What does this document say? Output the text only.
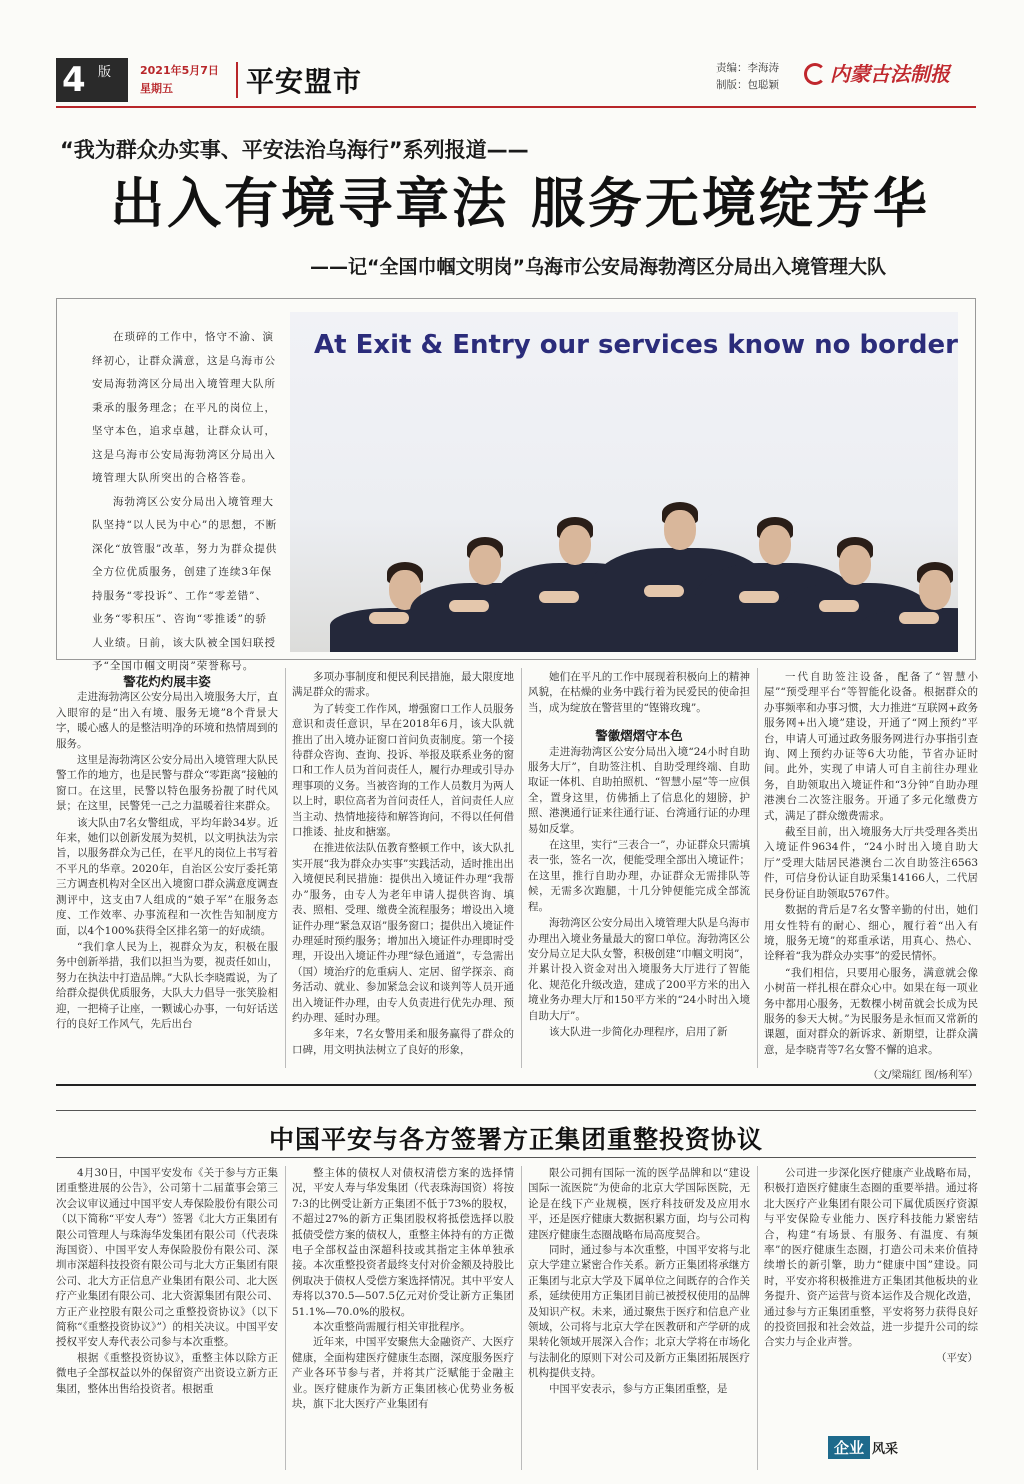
4 版	2021年5月7日
星期五	平安盟市	责编：李海涛
制版：包聪颖	内蒙古法制报
“我为群众办实事、平安法治乌海行”系列报道——
出入有境寻章法 服务无境绽芳华
——记“全国巾帼文明岗”乌海市公安局海勃湾区分局出入境管理大队

在琐碎的工作中，恪守不渝、演绎初心，让群众满意，这是乌海市公安局海勃湾区分局出入境管理大队所秉承的服务理念；在平凡的岗位上，坚守本色，追求卓越，让群众认可，这是乌海市公安局海勃湾区分局出入境管理大队所突出的合格答卷。

海勃湾区公安分局出入境管理大队坚持“以人民为中心”的思想，不断深化“放管服”改革，努力为群众提供全方位优质服务，创建了连续3年保持服务“零投诉”、工作“零差错”、业务“零积压”、咨询“零推诿”的骄人业绩。日前，该大队被全国妇联授予“全国巾帼文明岗”荣誉称号。

At Exit & Entry our services know no border

警花灼灼展丰姿

走进海勃湾区公安分局出入境服务大厅，直入眼帘的是“出入有境、服务无境”8个背景大字，暖心感人的是整洁明净的环境和热情周到的服务。

这里是海勃湾区公安分局出入境管理大队民警工作的地方，也是民警与群众“零距离”接触的窗口。在这里，民警以特色服务扮靓了时代风景；在这里，民警凭一己之力温暖着往来群众。

该大队由7名女警组成，平均年龄34岁。近年来，她们以创新发展为契机，以文明执法为宗旨，以服务群众为己任，在平凡的岗位上书写着不平凡的华章。2020年，自治区公安厅委托第三方调查机构对全区出入境窗口群众满意度调查测评中，这支由7人组成的“娘子军”在服务态度、工作效率、办事流程和一次性告知制度方面，以4个100%获得全区排名第一的好成绩。

“我们拿人民为上，视群众为友，积极在服务中创新举措，我们以担当为要，视责任如山，努力在执法中打造品牌。”大队长李晓霞说，为了给群众提供优质服务，大队大力倡导一张笑脸相迎，一把椅子让座，一颗诚心办事，一句好话送行的良好工作风气，先后出台

多项办事制度和便民利民措施，最大限度地满足群众的需求。

为了转变工作作风，增强窗口工作人员服务意识和责任意识，早在2018年6月，该大队就推出了出入境办证窗口首问负责制度。第一个接待群众咨询、查询、投诉、举报及联系业务的窗口和工作人员为首问责任人，履行办理或引导办理事项的义务。当被咨询的工作人员数月为两人以上时，职位高者为首问责任人，首问责任人应当主动、热情地接待和解答询问，不得以任何借口推诿、扯皮和搪塞。

在推进依法队伍教育整顿工作中，该大队扎实开展“我为群众办实事”实践活动，适时推出出入境便民利民措施：提供出入境证件办理“我帮办”服务，由专人为老年申请人提供咨询、填表、照相、受理、缴费全流程服务；增设出入境证件办理“紧急双语”服务窗口；提供出入境证件办理延时预约服务；增加出入境证件办理即时受理，开设出入境证件办理“绿色通道”，专急需出（国）境治疗的危重病人、定居、留学探亲、商务活动、就业、参加紧急会议和谈判等人员开通出入境证件办理，由专人负责进行优先办理、预约办理、延时办理。

多年来，7名女警用柔和服务赢得了群众的口碑，用文明执法树立了良好的形象，

她们在平凡的工作中展现着积极向上的精神风貌，在枯燥的业务中践行着为民爱民的使命担当，成为绽放在警营里的“铿锵玫瑰”。

警徽熠熠守本色

走进海勃湾区公安分局出入境“24小时自助服务大厅”，自助签注机、自助受理终端、自助取证一体机、自助拍照机、“智慧小屋”等一应俱全，置身这里，仿佛插上了信息化的翅膀，护照、港澳通行证来往通行证、台湾通行证的办理易如反掌。

在这里，实行“三表合一”，办证群众只需填表一张，签名一次，便能受理全部出入境证件；在这里，推行自助办理，办证群众无需排队等候，无需多次跑腿，十几分钟便能完成全部流程。

海勃湾区公安分局出入境管理大队是乌海市办理出入境业务量最大的窗口单位。海勃湾区公安分局立足大队女警，积极创建“巾帼文明岗”，并累计投入资金对出入境服务大厅进行了智能化、规范化升级改造，建成了200平方米的出入境业务办理大厅和150平方米的“24小时出入境自助大厅”。

该大队进一步简化办理程序，启用了新

一代自助签注设备，配备了“智慧小屋”“预受理平台”等智能化设备。根据群众的办事频率和办事习惯，大力推进“互联网+政务服务网+出入境”建设，开通了“网上预约”平台，申请人可通过政务服务网进行办事指引查询、网上预约办证等6大功能，节省办证时间。此外，实现了申请人可自主前往办理业务，自助领取出入境证件和“3分钟”自助办理港澳台二次签注服务。开通了多元化缴费方式，满足了群众缴费需求。

截至目前，出入境服务大厅共受理各类出入境证件9634件，“24小时出入境自助大厅”受理大陆居民港澳台二次自助签注6563件，可信身份认证自助采集14166人，二代居民身份证自助领取5767件。

数据的背后是7名女警辛勤的付出，她们用女性特有的耐心、细心，履行着“出入有境，服务无境”的郑重承诺，用真心、热心、诠释着“我为群众办实事”的爱民情怀。

“我们相信，只要用心服务，满意就会像小树苗一样扎根在群众心中。如果在每一项业务中都用心服务，无数棵小树苗就会长成为民服务的参天大树。”为民服务是永恒而又常新的课题，面对群众的新诉求、新期望，让群众满意，是李晓青等7名女警不懈的追求。

（文/梁瑞红 图/杨利军）

中国平安与各方签署方正集团重整投资协议

4月30日，中国平安发布《关于参与方正集团重整进展的公告》，公司第十二届董事会第三次会议审议通过中国平安人寿保险股份有限公司（以下简称“平安人寿”）签署《北大方正集团有限公司管理人与珠海华发集团有限公司（代表珠海国资）、中国平安人寿保险股份有限公司、深圳市深超科技投资有限公司与北大方正集团有限公司、北大方正信息产业集团有限公司、北大医疗产业集团有限公司、北大资源集团有限公司、方正产业控股有限公司之重整投资协议》（以下简称“《重整投资协议》”）的相关决议。中国平安授权平安人寿代表公司参与本次重整。

根据《重整投资协议》，重整主体以除方正微电子全部权益以外的保留资产出资设立新方正集团，整体出售给投资者。根据重

整主体的债权人对债权清偿方案的选择情况，平安人寿与华发集团（代表珠海国资）将按7:3的比例受让新方正集团不低于73%的股权，不超过27%的新方正集团股权将抵偿选择以股抵债受偿方案的债权人，重整主体持有的方正微电子全部权益由深超科技或其指定主体单独承接。本次重整投资者最终支付对价金额及持股比例取决于债权人受偿方案选择情况。其中平安人寿将以370.5—507.5亿元对价受让新方正集团51.1%—70.0%的股权。

本次重整尚需履行相关审批程序。

近年来，中国平安聚焦大金融资产、大医疗健康，全面构建医疗健康生态圈，深度服务医疗产业各环节参与者，并将其广泛赋能于金融主业。医疗健康作为新方正集团核心优势业务板块，旗下北大医疗产业集团有

限公司拥有国际一流的医学品牌和以“建设国际一流医院”为使命的北京大学国际医院，无论是在线下产业规模，医疗科技研发及应用水平，还是医疗健康大数据积累方面，均与公司构建医疗健康生态圈战略布局高度契合。

同时，通过参与本次重整，中国平安将与北京大学建立紧密合作关系。新方正集团将承继方正集团与北京大学及下属单位之间既存的合作关系，延续使用方正集团目前已被授权使用的品牌及知识产权。未来，通过聚焦于医疗和信息产业领域，公司将与北京大学在医教研和产学研的成果转化领域开展深入合作；北京大学将在市场化与法制化的原则下对公司及新方正集团拓展医疗机构提供支持。

中国平安表示，参与方正集团重整，是

公司进一步深化医疗健康产业战略布局，积极打造医疗健康生态圈的重要举措。通过将北大医疗产业集团有限公司下属优质医疗资源与平安保险专业能力、医疗科技能力紧密结合，构建“有场景、有服务、有温度、有频率”的医疗健康生态圈，打造公司未来价值持续增长的新引擎，助力“健康中国”建设。同时，平安亦将积极推进方正集团其他板块的业务提升、资产运营与资本运作及合规化改造，通过参与方正集团重整，平安将努力获得良好的投资回报和社会效益，进一步提升公司的综合实力与企业声誉。

（平安）

企业 风采
